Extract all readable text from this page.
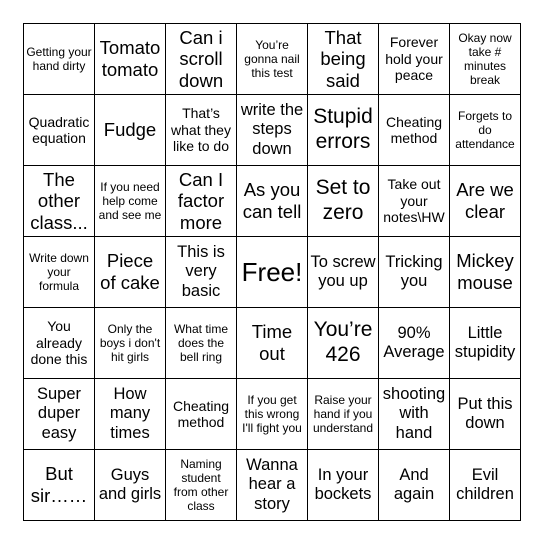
Getting your hand dirty
Tomato tomato
Can i scroll down
You’re gonna nail this test
That being said
Forever hold your peace
Okay now take # minutes break
Quadratic equation Fudge
That’s what they like to do
write the steps down
Stupid errors
Cheating method
Forgets to do attendance
The other class...
If you need help come and see me
Can I factor more
As you can tell
Set to zero
Take out your notes\HW
Are we clear
Write down your formula
Piece of cake
This is very basic
Free! To screw you up
Tricking you
Mickey mouse
You already done this
Only the boys i don't hit girls
What time does the bell ring
Time out
You’re 426
90% Average
Little stupidity
Super duper easy
How many times
Cheating method
If you get this wrong I'll fight you
Raise your hand if you understand
shooting with hand
Put this down
But sir……
Guys and girls
Naming student from other class
Wanna hear a story
In your bockets
And again
Evil children
